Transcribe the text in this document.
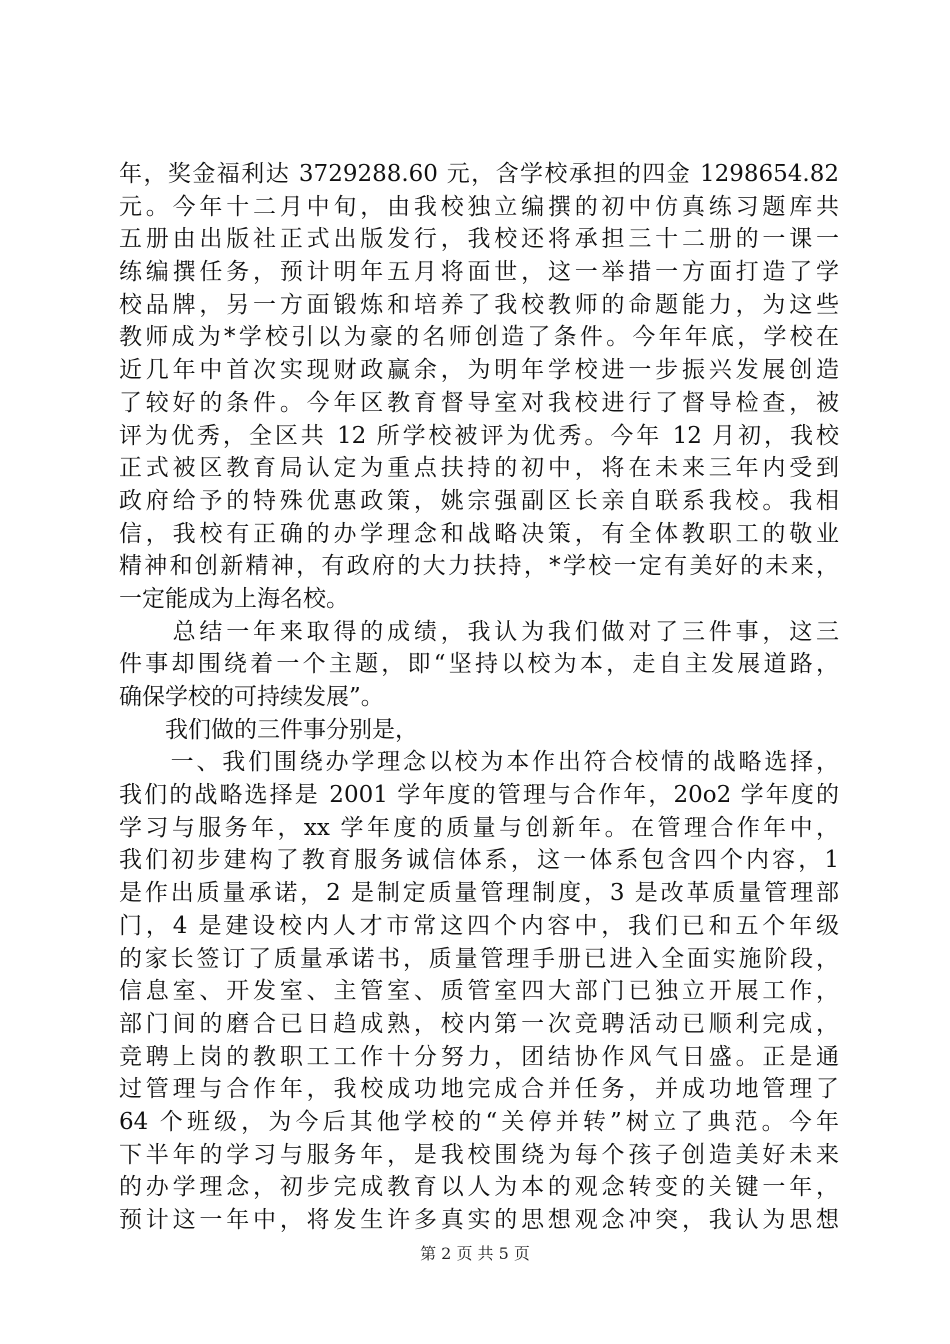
年，奖金福利达 3729288.60 元，含学校承担的四金 1298654.82
元。今年十二月中旬，由我校独立编撰的初中仿真练习题库共
五册由出版社正式出版发行，我校还将承担三十二册的一课一
练编撰任务，预计明年五月将面世，这一举措一方面打造了学
校品牌，另一方面锻炼和培养了我校教师的命题能力，为这些
教师成为*学校引以为豪的名师创造了条件。今年年底，学校在
近几年中首次实现财政赢余，为明年学校进一步振兴发展创造
了较好的条件。今年区教育督导室对我校进行了督导检查，被
评为优秀，全区共 12 所学校被评为优秀。今年 12 月初，我校
正式被区教育局认定为重点扶持的初中，将在未来三年内受到
政府给予的特殊优惠政策，姚宗强副区长亲自联系我校。我相
信，我校有正确的办学理念和战略决策，有全体教职工的敬业
精神和创新精神，有政府的大力扶持，*学校一定有美好的未来，
一定能成为上海名校。
　　总结一年来取得的成绩，我认为我们做对了三件事，这三
件事却围绕着一个主题，即“坚持以校为本，走自主发展道路，
确保学校的可持续发展”。
　　我们做的三件事分别是，
　　一、我们围绕办学理念以校为本作出符合校情的战略选择，
我们的战略选择是 2001 学年度的管理与合作年，20o2 学年度的
学习与服务年，xx 学年度的质量与创新年。在管理合作年中，
我们初步建构了教育服务诚信体系，这一体系包含四个内容，1
是作出质量承诺，2 是制定质量管理制度，3 是改革质量管理部
门，4 是建设校内人才市常这四个内容中，我们已和五个年级
的家长签订了质量承诺书，质量管理手册已进入全面实施阶段，
信息室、开发室、主管室、质管室四大部门已独立开展工作，
部门间的磨合已日趋成熟，校内第一次竞聘活动已顺利完成，
竞聘上岗的教职工工作十分努力，团结协作风气日盛。正是通
过管理与合作年，我校成功地完成合并任务，并成功地管理了
64 个班级，为今后其他学校的“关停并转”树立了典范。今年
下半年的学习与服务年，是我校围绕为每个孩子创造美好未来
的办学理念，初步完成教育以人为本的观念转变的关键一年，
预计这一年中，将发生许多真实的思想观念冲突，我认为思想
第 2 页 共 5 页
